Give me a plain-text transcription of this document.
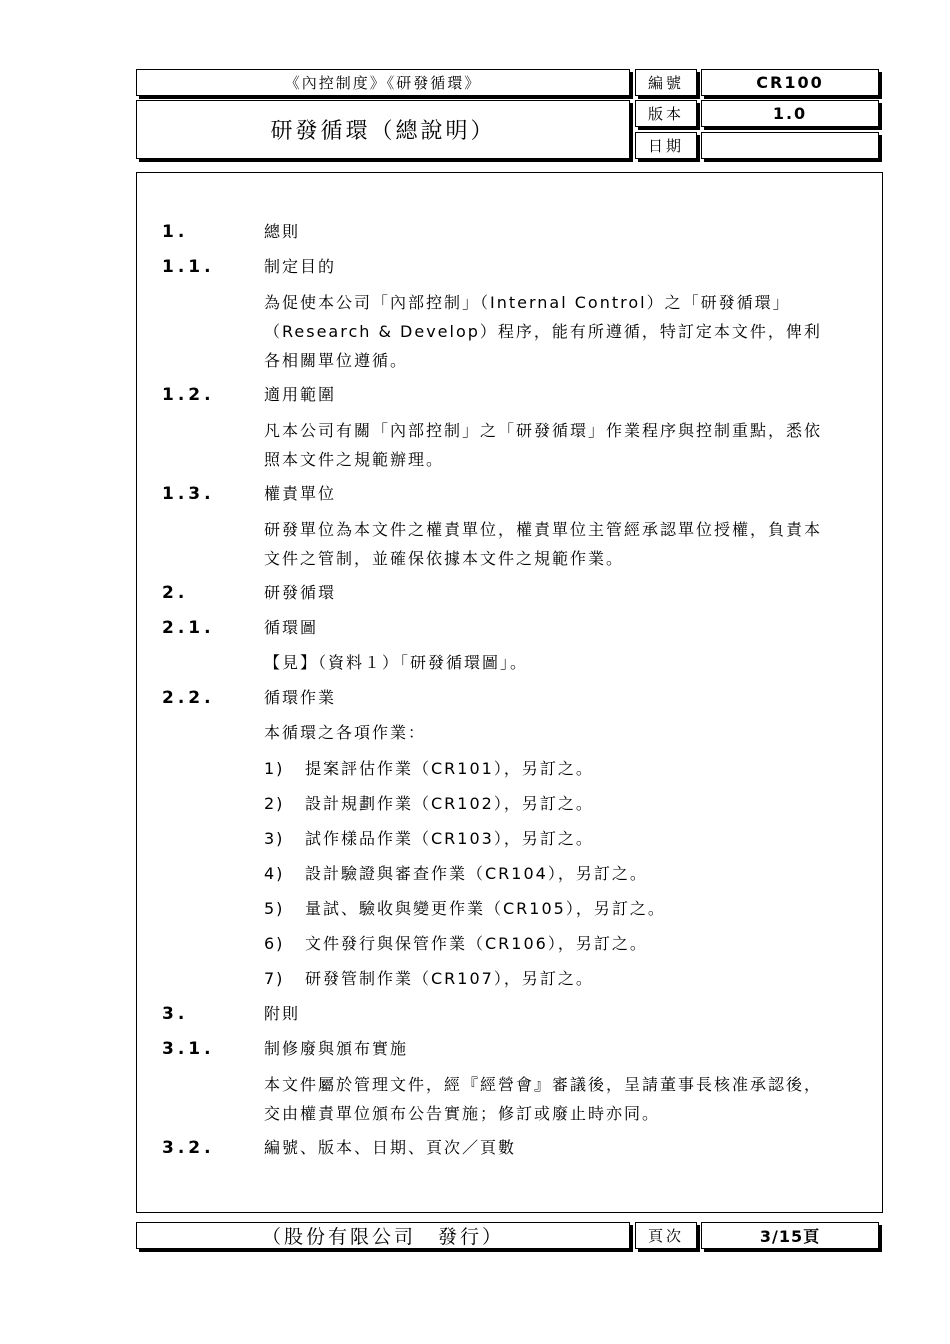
《內控制度》《研發循環》
研發循環（總說明）
編號	CR100
版本	1.0
日期
1.	總則
1.1.	制定目的
為促使本公司「內部控制」（Internal Control）之「研發循環」
（Research & Develop）程序，能有所遵循，特訂定本文件，俾利
各相關單位遵循。
1.2.	適用範圍
凡本公司有關「內部控制」之「研發循環」作業程序與控制重點，悉依
照本文件之規範辦理。
1.3.	權責單位
研發單位為本文件之權責單位，權責單位主管經承認單位授權，負責本
文件之管制，並確保依據本文件之規範作業。
2.	研發循環
2.1.	循環圖
【見】（資料１）「研發循環圖」。
2.2.	循環作業
本循環之各項作業：
1) 提案評估作業（CR101），另訂之。
2) 設計規劃作業（CR102），另訂之。
3) 試作樣品作業（CR103），另訂之。
4) 設計驗證與審查作業（CR104），另訂之。
5) 量試、驗收與變更作業（CR105），另訂之。
6) 文件發行與保管作業（CR106），另訂之。
7) 研發管制作業（CR107），另訂之。
3.	附則
3.1.	制修廢與頒布實施
本文件屬於管理文件，經『經營會』審議後，呈請董事長核准承認後，
交由權責單位頒布公告實施；修訂或廢止時亦同。
3.2.	編號、版本、日期、頁次／頁數
（股份有限公司　發行）	頁次	3/15頁
